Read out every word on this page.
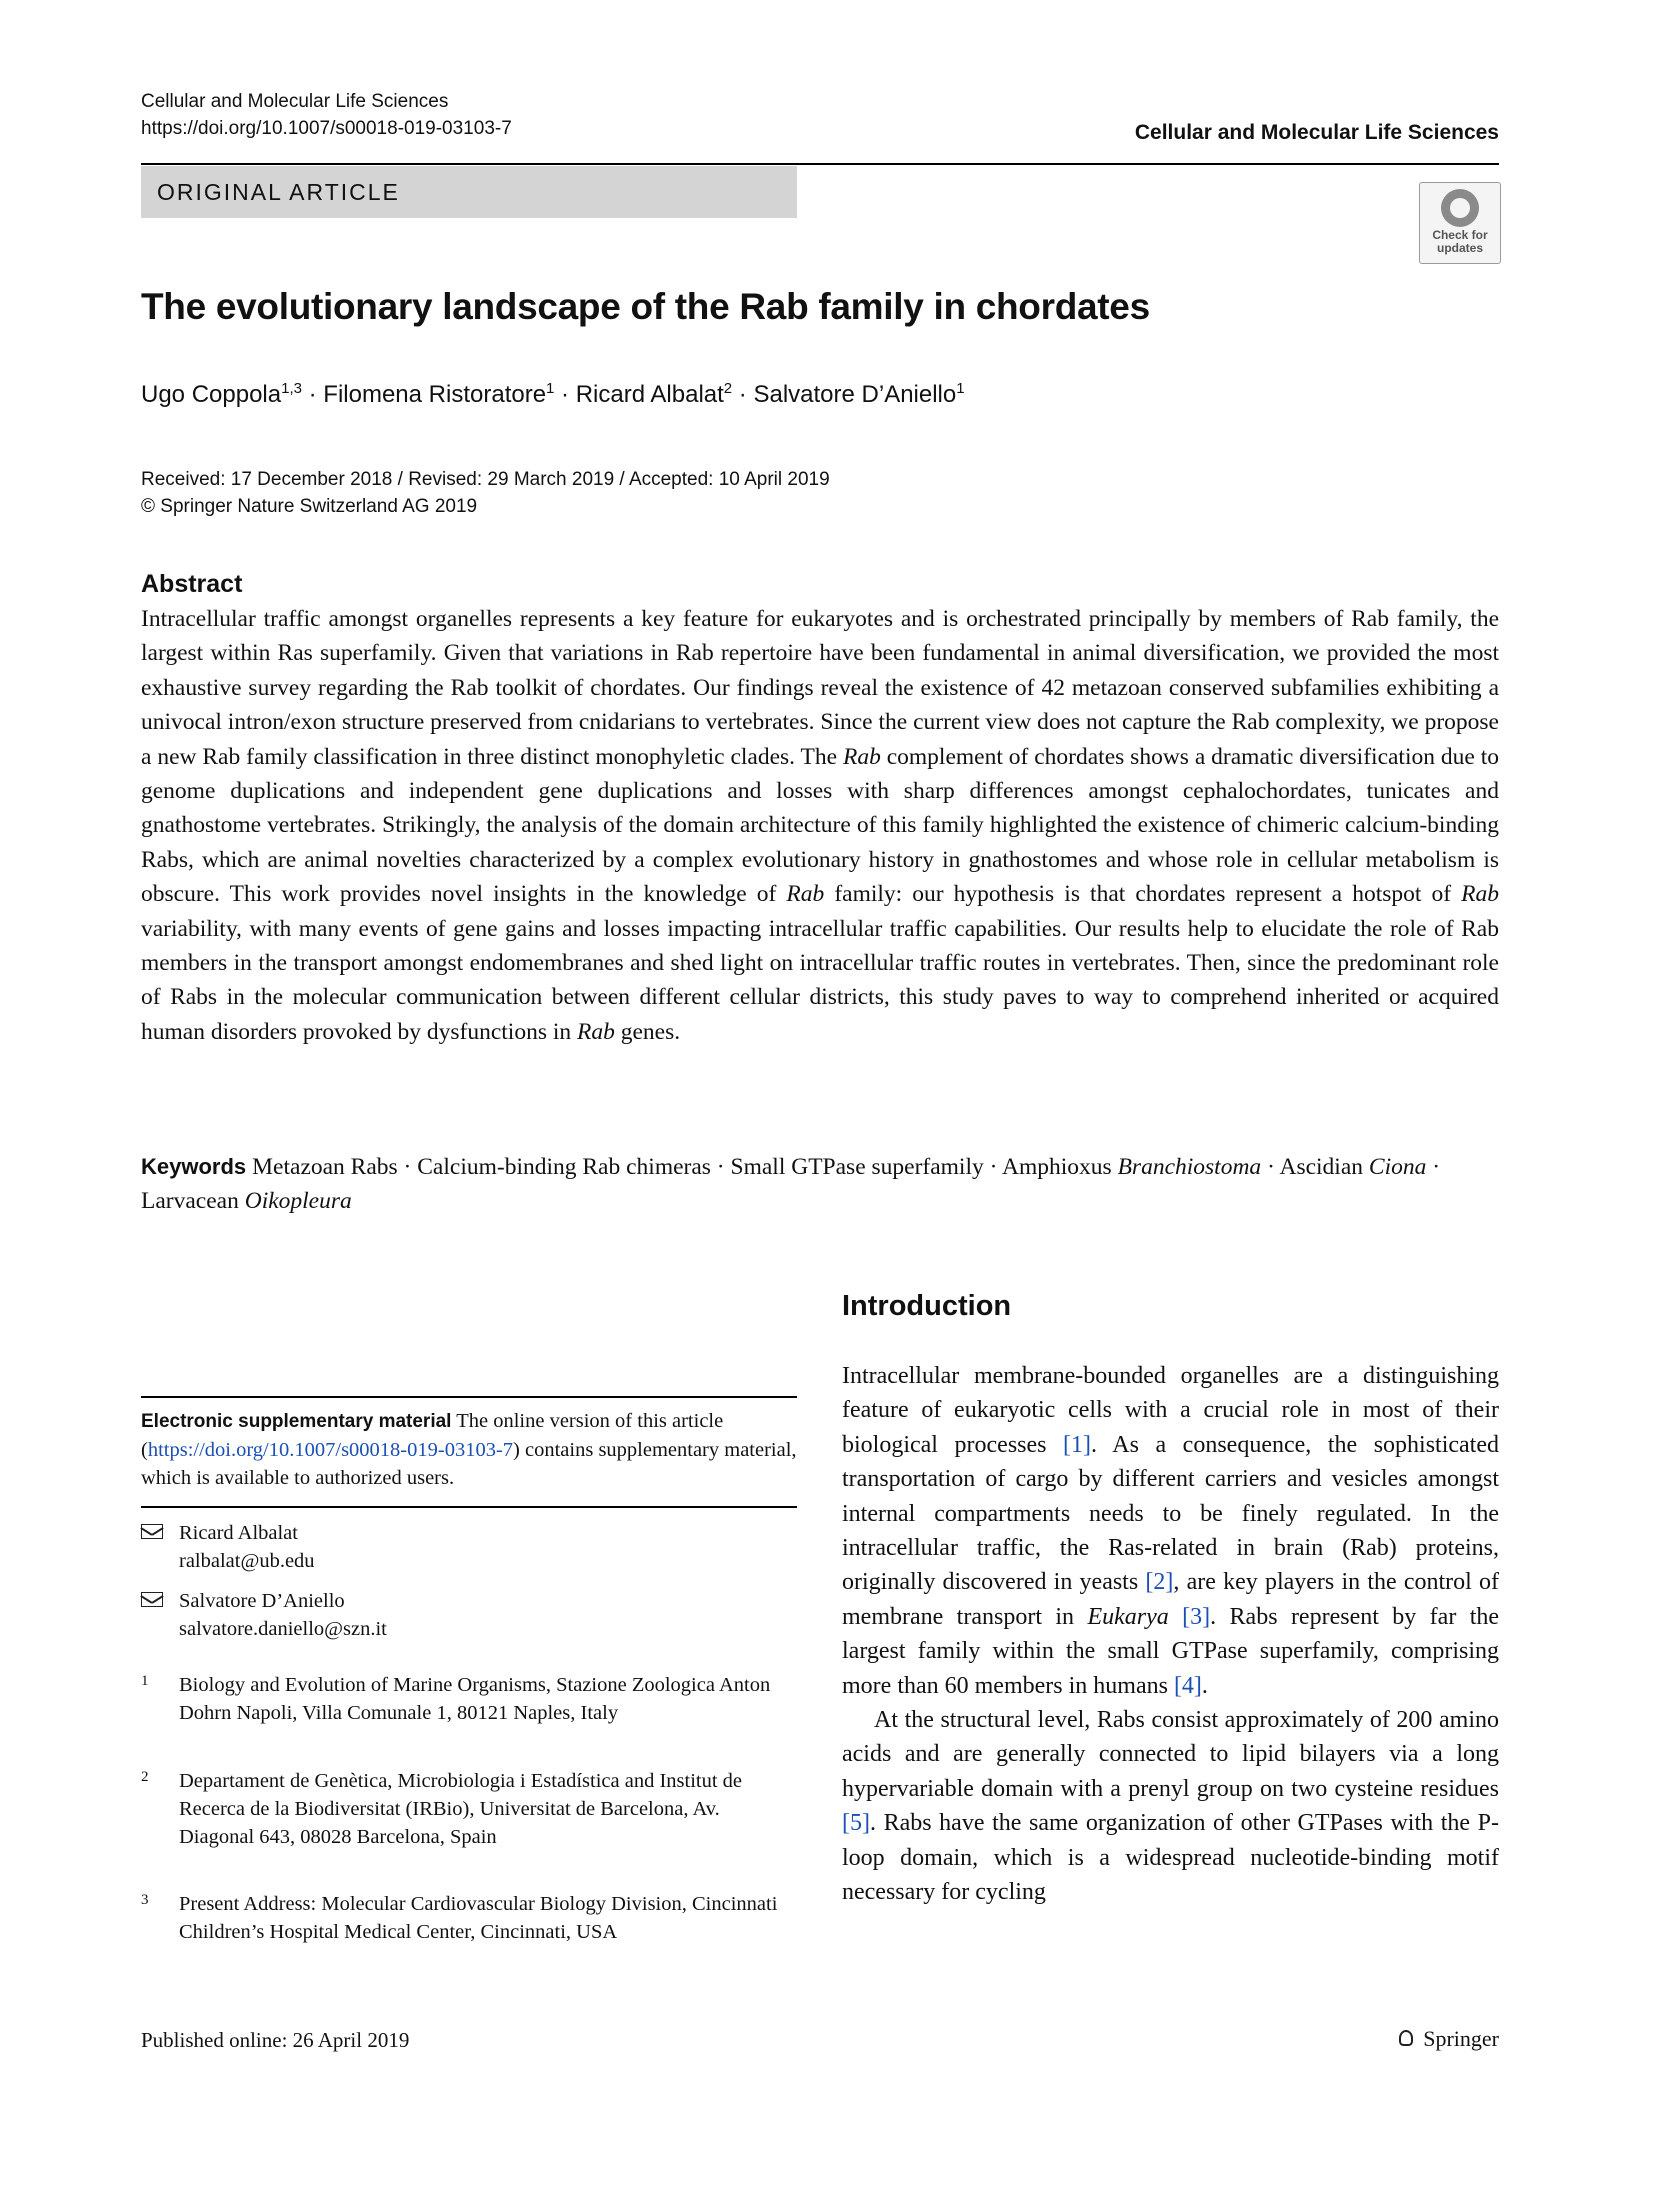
Cellular and Molecular Life Sciences
https://doi.org/10.1007/s00018-019-03103-7	Cellular and Molecular Life Sciences
ORIGINAL ARTICLE
Check for
updates
The evolutionary landscape of the Rab family in chordates
Ugo Coppola$^{1,3}$ · Filomena Ristoratore$^1$ · Ricard Albalat$^2$ · Salvatore D’Aniello$^1$
Received: 17 December 2018 / Revised: 29 March 2019 / Accepted: 10 April 2019
© Springer Nature Switzerland AG 2019
Abstract
Intracellular traffic amongst organelles represents a key feature for eukaryotes and is orchestrated principally by members of Rab family, the largest within Ras superfamily. Given that variations in Rab repertoire have been fundamental in animal diversification, we provided the most exhaustive survey regarding the Rab toolkit of chordates. Our findings reveal the existence of 42 metazoan conserved subfamilies exhibiting a univocal intron/exon structure preserved from cnidarians to vertebrates. Since the current view does not capture the Rab complexity, we propose a new Rab family classification in three distinct monophyletic clades. The Rab complement of chordates shows a dramatic diversification due to genome duplications and independent gene duplications and losses with sharp differences amongst cephalochordates, tunicates and gnathostome vertebrates. Strikingly, the analysis of the domain architecture of this family highlighted the existence of chimeric calcium-binding Rabs, which are animal novelties characterized by a complex evolutionary history in gnathostomes and whose role in cellular metabolism is obscure. This work provides novel insights in the knowledge of Rab family: our hypothesis is that chordates represent a hotspot of Rab variability, with many events of gene gains and losses impacting intracellular traffic capabilities. Our results help to elucidate the role of Rab members in the transport amongst endomembranes and shed light on intracellular traffic routes in vertebrates. Then, since the predominant role of Rabs in the molecular communication between different cellular districts, this study paves to way to comprehend inherited or acquired human disorders provoked by dysfunctions in Rab genes.
Keywords Metazoan Rabs · Calcium-binding Rab chimeras · Small GTPase superfamily · Amphioxus Branchiostoma · Ascidian Ciona · Larvacean Oikopleura
Electronic supplementary material The online version of this article (https://doi.org/10.1007/s00018-019-03103-7) contains supplementary material, which is available to authorized users.
Ricard Albalat
ralbalat@ub.edu
Salvatore D’Aniello
salvatore.daniello@szn.it
1 Biology and Evolution of Marine Organisms, Stazione Zoologica Anton Dohrn Napoli, Villa Comunale 1, 80121 Naples, Italy
2 Departament de Genètica, Microbiologia i Estadística and Institut de Recerca de la Biodiversitat (IRBio), Universitat de Barcelona, Av. Diagonal 643, 08028 Barcelona, Spain
3 Present Address: Molecular Cardiovascular Biology Division, Cincinnati Children’s Hospital Medical Center, Cincinnati, USA
Introduction

Intracellular membrane-bounded organelles are a distinguishing feature of eukaryotic cells with a crucial role in most of their biological processes [1]. As a consequence, the sophisticated transportation of cargo by different carriers and vesicles amongst internal compartments needs to be finely regulated. In the intracellular traffic, the Ras-related in brain (Rab) proteins, originally discovered in yeasts [2], are key players in the control of membrane transport in Eukarya [3]. Rabs represent by far the largest family within the small GTPase superfamily, comprising more than 60 members in humans [4].

At the structural level, Rabs consist approximately of 200 amino acids and are generally connected to lipid bilayers via a long hypervariable domain with a prenyl group on two cysteine residues [5]. Rabs have the same organization of other GTPases with the P-loop domain, which is a widespread nucleotide-binding motif necessary for cycling

Published online: 26 April 2019	Springer
